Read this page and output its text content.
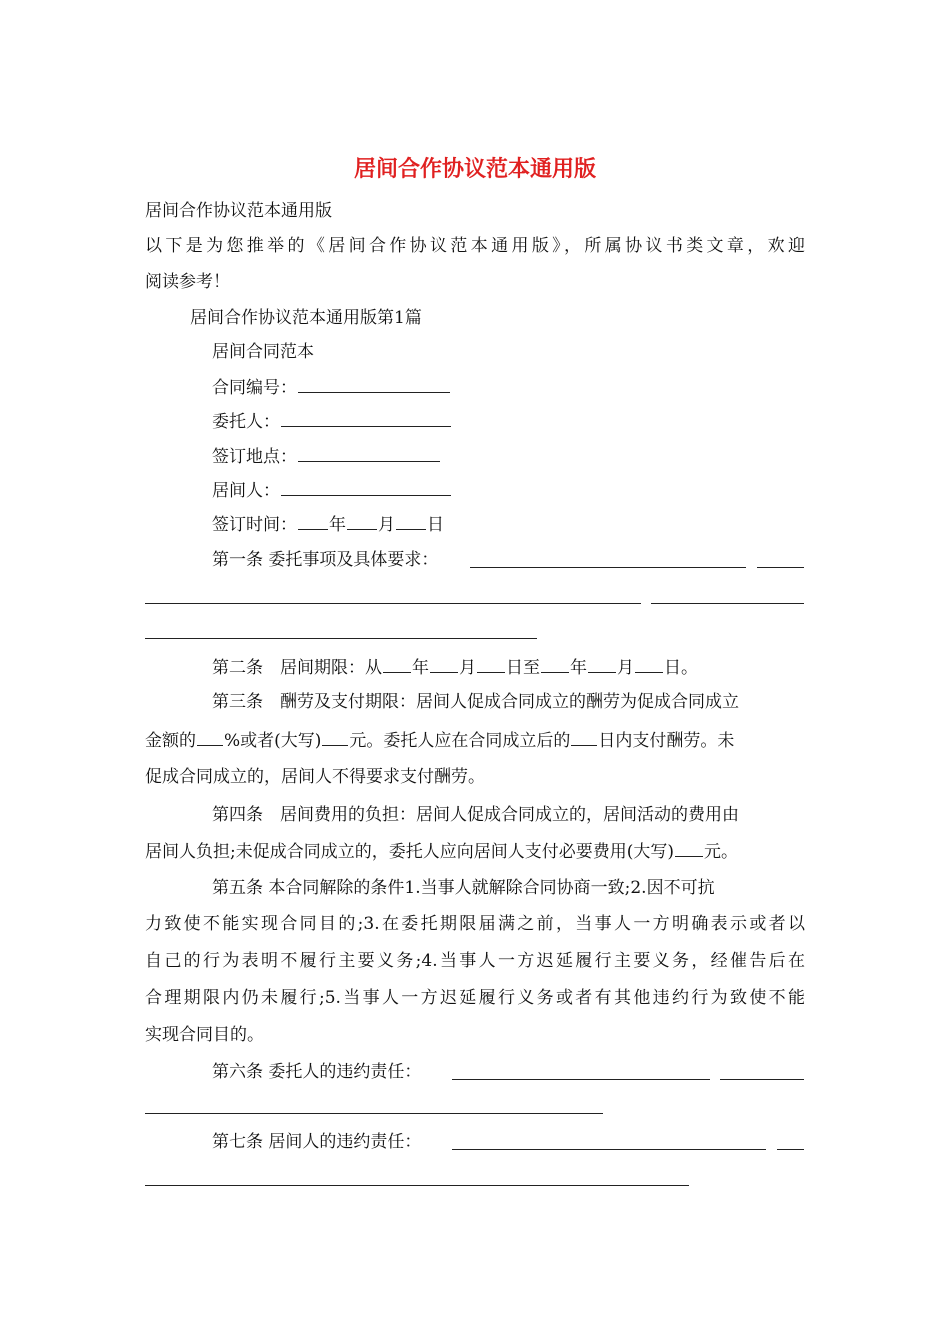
居间合作协议范本通用版
居间合作协议范本通用版
以下是为您推举的《居间合作协议范本通用版》，所属协议书类文章，欢迎
阅读参考！
居间合作协议范本通用版第1篇
居间合同范本
合同编号：
委托人：
签订地点：
居间人：
签订时间： 年 月 日
第一条 委托事项及具体要求：
第二条　 居间期限：从 年 月 日至 年 月 日。
第三条　酬劳及支付期限：居间人促成合同成立的酬劳为促成合同成立
金额的 %或者(大写) 元。委托人应在合同成立后的 日内支付酬劳。未
促成合同成立的，居间人不得要求支付酬劳。
第四条　居间费用的负担：居间人促成合同成立的，居间活动的费用由
居间人负担;未促成合同成立的，委托人应向居间人支付必要费用(大写) 元。
第五条 本合同解除的条件1.当事人就解除合同协商一致;2.因不可抗
力致使不能实现合同目的;3.在委托期限届满之前，当事人一方明确表示或者以
自己的行为表明不履行主要义务;4.当事人一方迟延履行主要义务，经催告后在
合理期限内仍未履行;5.当事人一方迟延履行义务或者有其他违约行为致使不能
实现合同目的。
第六条 委托人的违约责任：
第七条 居间人的违约责任：
